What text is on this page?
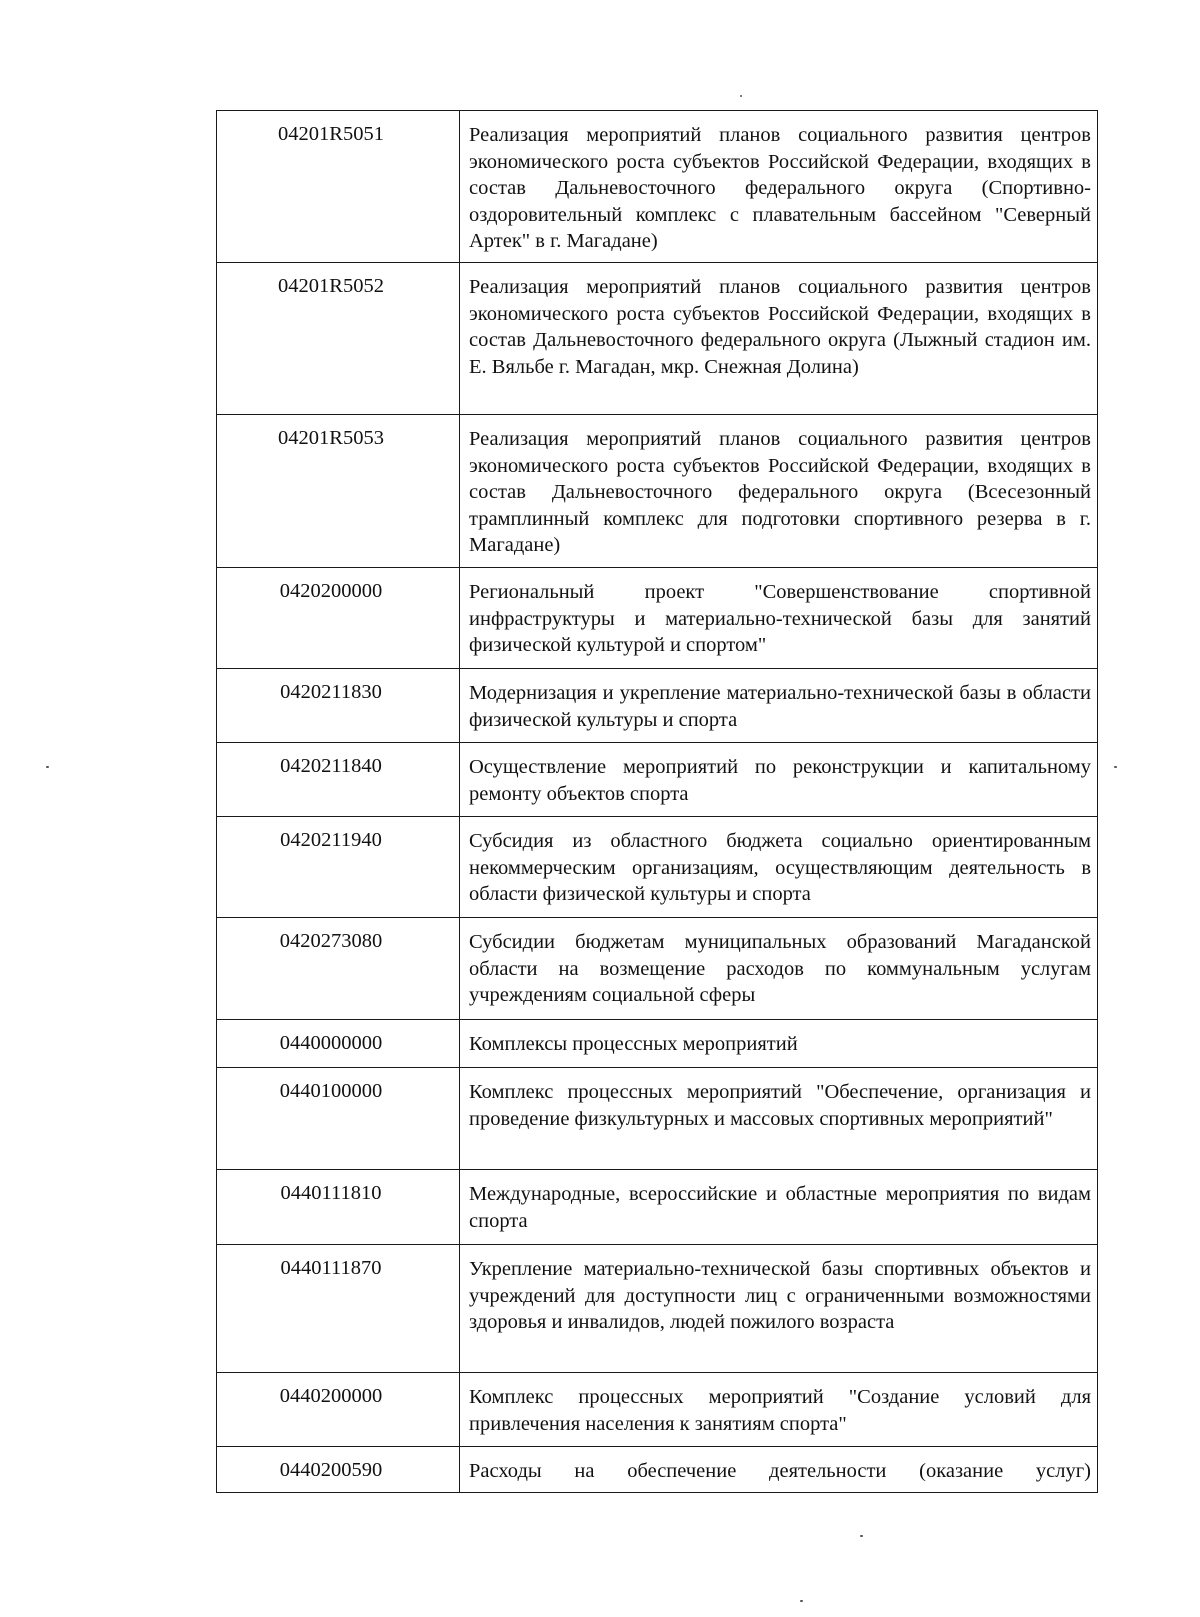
04201R5051	Реализация мероприятий планов социального развития центров экономического роста субъектов Российской Федерации, входящих в состав Дальневосточного федерального округа (Спортивно-оздоровительный комплекс с плавательным бассейном "Северный Артек" в г. Магадане)
04201R5052	Реализация мероприятий планов социального развития центров экономического роста субъектов Российской Федерации, входящих в состав Дальневосточного федерального округа (Лыжный стадион им. Е. Вяльбе г. Магадан, мкр. Снежная Долина)
04201R5053	Реализация мероприятий планов социального развития центров экономического роста субъектов Российской Федерации, входящих в состав Дальневосточного федерального округа (Всесезонный трамплинный комплекс для подготовки спортивного резерва в г. Магадане)
0420200000	Региональный проект "Совершенствование спортивной инфраструктуры и материально-технической базы для занятий физической культурой и спортом"
0420211830	Модернизация и укрепление материально-технической базы в области физической культуры и спорта
0420211840	Осуществление мероприятий по реконструкции и капитальному ремонту объектов спорта
0420211940	Субсидия из областного бюджета социально ориентированным некоммерческим организациям, осуществляющим деятельность в области физической культуры и спорта
0420273080	Субсидии бюджетам муниципальных образований Магаданской области на возмещение расходов по коммунальным услугам учреждениям социальной сферы
0440000000	Комплексы процессных мероприятий
0440100000	Комплекс процессных мероприятий "Обеспечение, организация и проведение физкультурных и массовых спортивных мероприятий"
0440111810	Международные, всероссийские и областные мероприятия по видам спорта
0440111870	Укрепление материально-технической базы спортивных объектов и учреждений для доступности лиц с ограниченными возможностями здоровья и инвалидов, людей пожилого возраста
0440200000	Комплекс процессных мероприятий "Создание условий для привлечения населения к занятиям спорта"
0440200590	Расходы на обеспечение деятельности (оказание услуг)
